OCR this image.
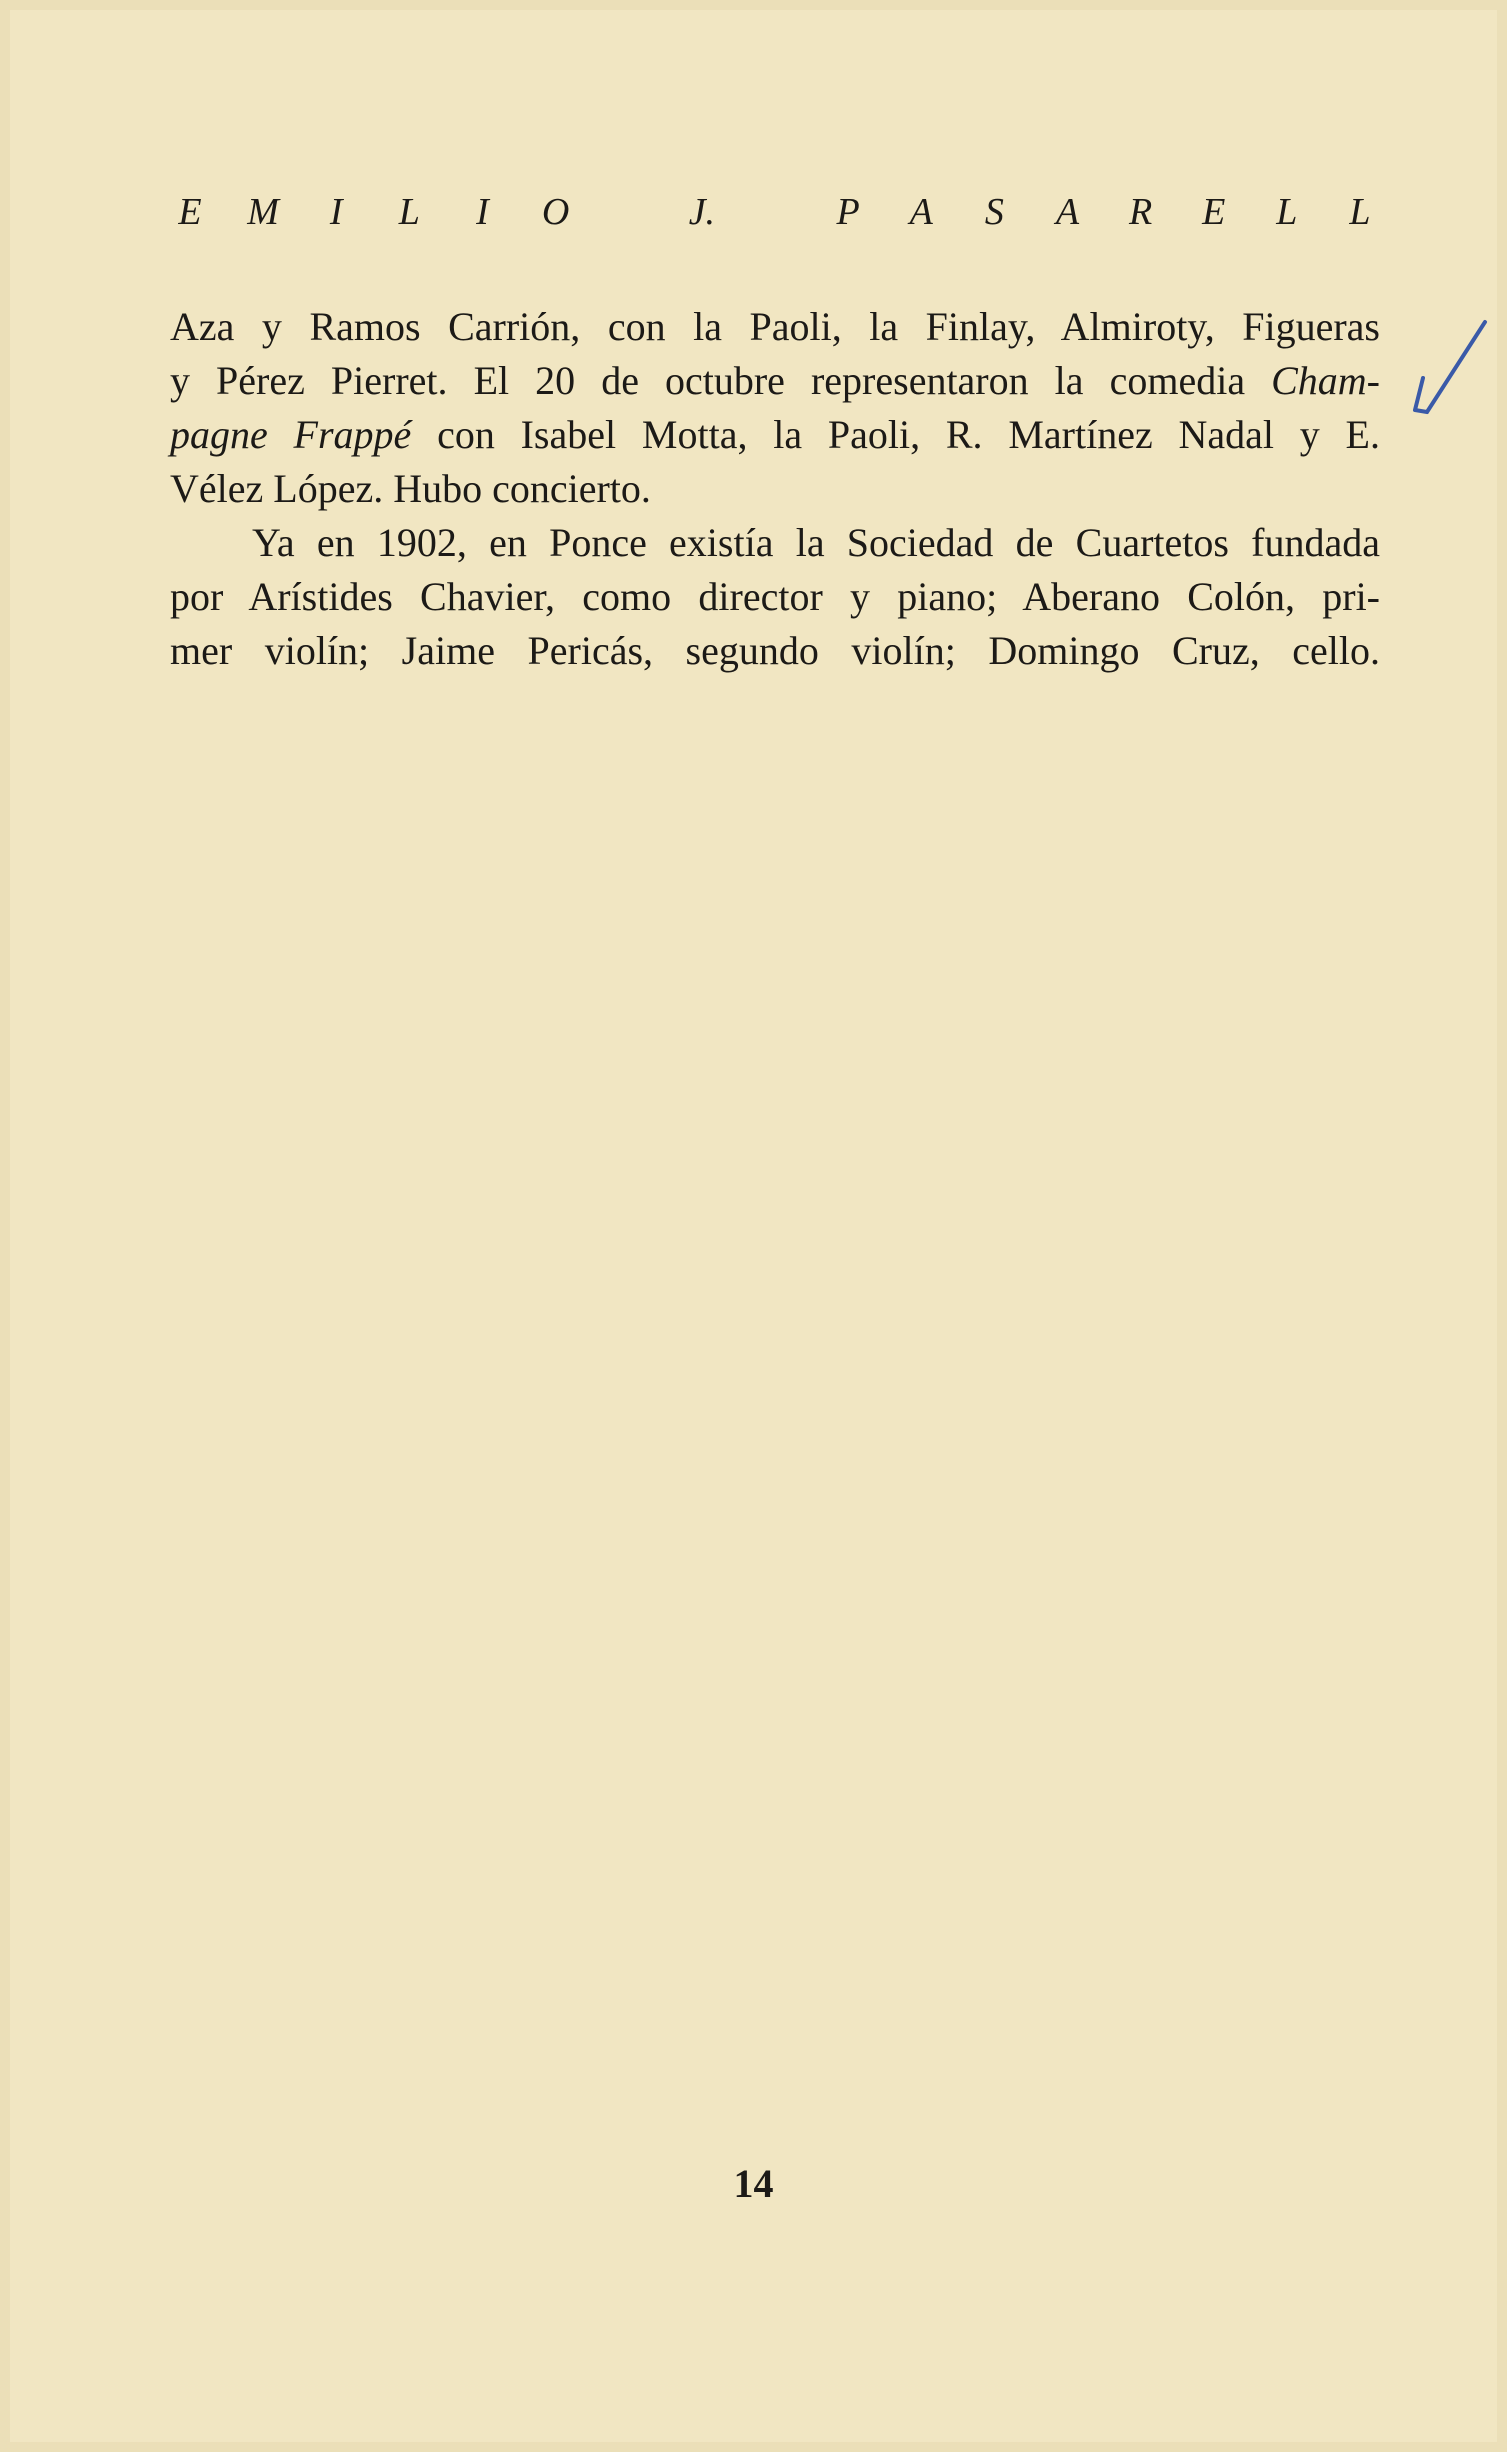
E M	I	L	I	O	J.	P A S A R E L L

Aza y Ramos Carrión, con la Paoli, la Finlay, Almiroty, Figueras

y Pérez Pierret. El 20 de octubre representaron la comedia Cham-

pagne Frappé con Isabel Motta, la Paoli, R. Martínez Nadal y E.

Vélez López. Hubo concierto.

Ya en 1902, en Ponce existía la Sociedad de Cuartetos fundada

por Arístides Chavier, como director y piano; Aberano Colón, pri-

mer violín; Jaime Pericás, segundo violín; Domingo Cruz, cello.

14
